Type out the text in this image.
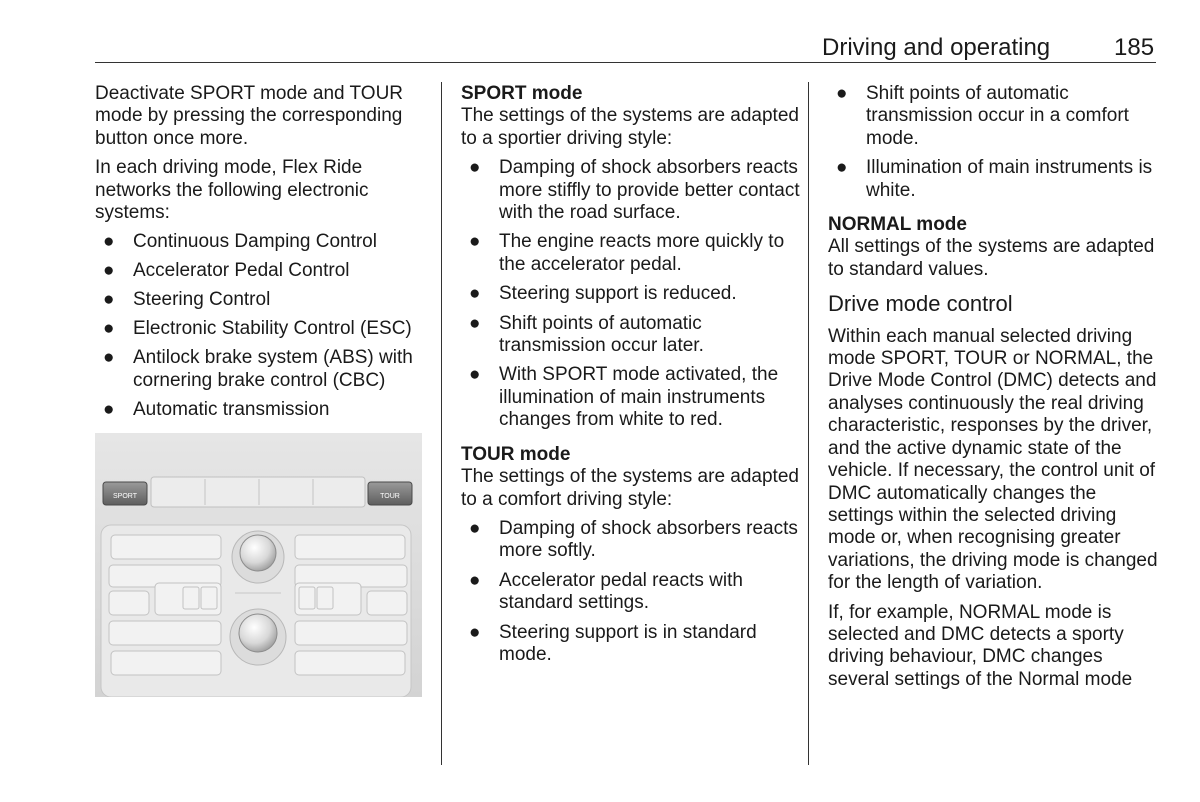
Driving and operating	185

Deactivate SPORT mode and TOUR mode by pressing the corresponding button once more.

In each driving mode, Flex Ride networks the following electronic systems:

● Continuous Damping Control
● Accelerator Pedal Control
● Steering Control
● Electronic Stability Control (ESC)
● Antilock brake system (ABS) with cornering brake control (CBC)
● Automatic transmission
SPORT	TOUR
SPORT mode

The settings of the systems are adapted to a sportier driving style:

● Damping of shock absorbers reacts more stiffly to provide better contact with the road surface.
● The engine reacts more quickly to the accelerator pedal.
● Steering support is reduced.
● Shift points of automatic transmission occur later.
● With SPORT mode activated, the illumination of main instruments changes from white to red.
TOUR mode

The settings of the systems are adapted to a comfort driving style:

● Damping of shock absorbers reacts more softly.
● Accelerator pedal reacts with standard settings.
● Steering support is in standard mode.
● Shift points of automatic transmission occur in a comfort mode.
● Illumination of main instruments is white.
NORMAL mode

All settings of the systems are adapted to standard values.

Drive mode control

Within each manual selected driving mode SPORT, TOUR or NORMAL, the Drive Mode Control (DMC) detects and analyses continuously the real driving characteristic, responses by the driver, and the active dynamic state of the vehicle. If necessary, the control unit of DMC automatically changes the settings within the selected driving mode or, when recognising greater variations, the driving mode is changed for the length of variation.

If, for example, NORMAL mode is selected and DMC detects a sporty driving behaviour, DMC changes several settings of the Normal mode
